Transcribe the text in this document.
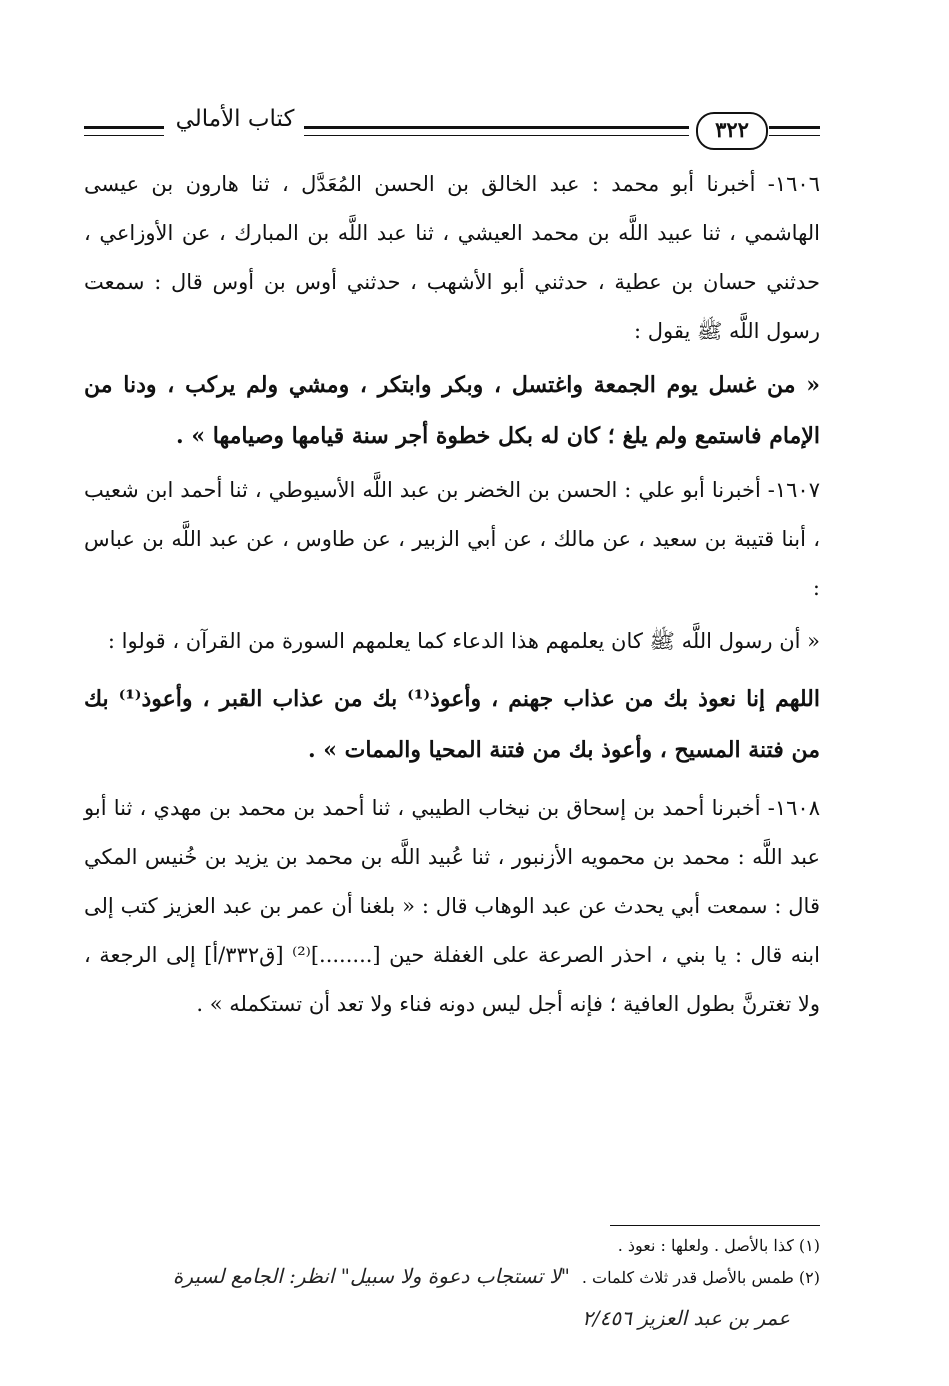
كتاب الأمالي	٣٢٢

١٦٠٦- أخبرنا أبو محمد : عبد الخالق بن الحسن المُعَدَّل ، ثنا هارون بن عيسى الهاشمي ، ثنا عبيد اللَّه بن محمد العيشي ، ثنا عبد اللَّه بن المبارك ، عن الأوزاعي ، حدثني حسان بن عطية ، حدثني أبو الأشهب ، حدثني أوس بن أوس قال : سمعت رسول اللَّه ﷺ يقول :

« من غسل يوم الجمعة واغتسل ، وبكر وابتكر ، ومشي ولم يركب ، ودنا من الإمام فاستمع ولم يلغ ؛ كان له بكل خطوة أجر سنة قيامها وصيامها » .

١٦٠٧- أخبرنا أبو علي : الحسن بن الخضر بن عبد اللَّه الأسيوطي ، ثنا أحمد ابن شعيب ، أبنا قتيبة بن سعيد ، عن مالك ، عن أبي الزبير ، عن طاوس ، عن عبد اللَّه بن عباس :

« أن رسول اللَّه ﷺ كان يعلمهم هذا الدعاء كما يعلمهم السورة من القرآن ، قولوا :

اللهم إنا نعوذ بك من عذاب جهنم ، وأعوذ⁽¹⁾ بك من عذاب القبر ، وأعوذ⁽¹⁾ بك من فتنة المسيح ، وأعوذ بك من فتنة المحيا والممات » .

١٦٠٨- أخبرنا أحمد بن إسحاق بن نيخاب الطيبي ، ثنا أحمد بن محمد بن مهدي ، ثنا أبو عبد اللَّه : محمد بن محمويه الأزنبور ، ثنا عُبيد اللَّه بن محمد بن يزيد بن خُنيس المكي قال : سمعت أبي يحدث عن عبد الوهاب قال : « بلغنا أن عمر بن عبد العزيز كتب إلى ابنه قال : يا بني ، احذر الصرعة على الغفلة حين [........]⁽²⁾ [ق٣٣٢/أ] إلى الرجعة ، ولا تغترنَّ بطول العافية ؛ فإنه أجل ليس دونه فناء ولا تعد أن تستكمله » .

(١) كذا بالأصل . ولعلها : نعوذ .

(٢) طمس بالأصل قدر ثلاث كلمات .

"لا تستجاب دعوة ولا سبيل" انظر: الجامع لسيرة
عمر بن عبد العزيز ٢/٤٥٦
